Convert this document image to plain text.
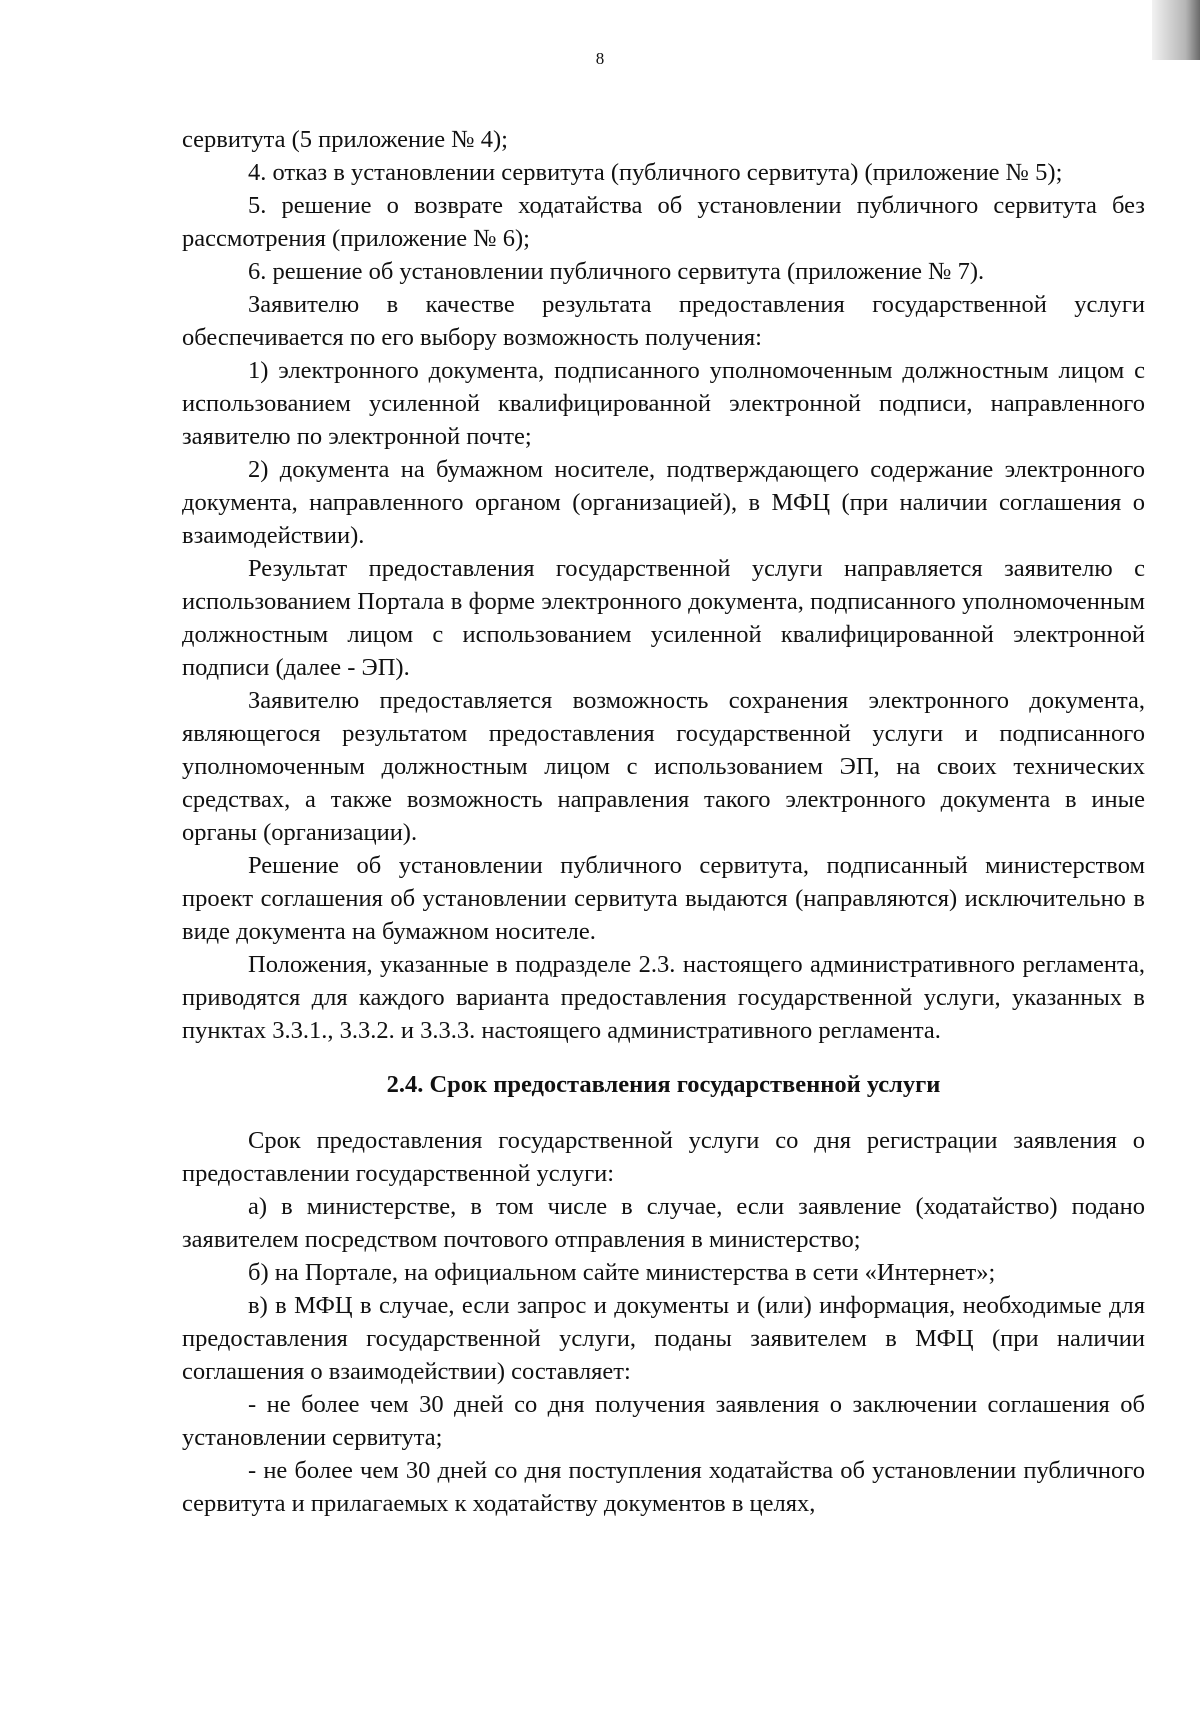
8

сервитута (5 приложение № 4);

4. отказ в установлении сервитута (публичного сервитута) (приложение № 5);

5. решение о возврате ходатайства об установлении публичного сервитута без рассмотрения (приложение № 6);

6. решение об установлении публичного сервитута (приложение № 7).

Заявителю в качестве результата предоставления государственной услуги обеспечивается по его выбору возможность получения:

1) электронного документа, подписанного уполномоченным должностным лицом с использованием усиленной квалифицированной электронной подписи, направленного заявителю по электронной почте;

2) документа на бумажном носителе, подтверждающего содержание электронного документа, направленного органом (организацией), в МФЦ (при наличии соглашения о взаимодействии).

Результат предоставления государственной услуги направляется заявителю с использованием Портала в форме электронного документа, подписанного уполномоченным должностным лицом с использованием усиленной квалифицированной электронной подписи (далее - ЭП).

Заявителю предоставляется возможность сохранения электронного документа, являющегося результатом предоставления государственной услуги и подписанного уполномоченным должностным лицом с использованием ЭП, на своих технических средствах, а также возможность направления такого электронного документа в иные органы (организации).

Решение об установлении публичного сервитута, подписанный министерством проект соглашения об установлении сервитута выдаются (направляются) исключительно в виде документа на бумажном носителе.

Положения, указанные в подразделе 2.3. настоящего административного регламента, приводятся для каждого варианта предоставления государственной услуги, указанных в пунктах 3.3.1., 3.3.2. и 3.3.3. настоящего административного регламента.

2.4. Срок предоставления государственной услуги

Срок предоставления государственной услуги со дня регистрации заявления о предоставлении государственной услуги:

а) в министерстве, в том числе в случае, если заявление (ходатайство) подано заявителем посредством почтового отправления в министерство;

б) на Портале, на официальном сайте министерства в сети «Интернет»;

в) в МФЦ в случае, если запрос и документы и (или) информация, необходимые для предоставления государственной услуги, поданы заявителем в МФЦ (при наличии соглашения о взаимодействии) составляет:

- не более чем 30 дней со дня получения заявления о заключении соглашения об установлении сервитута;

- не более чем 30 дней со дня поступления ходатайства об установлении публичного сервитута и прилагаемых к ходатайству документов в целях,
